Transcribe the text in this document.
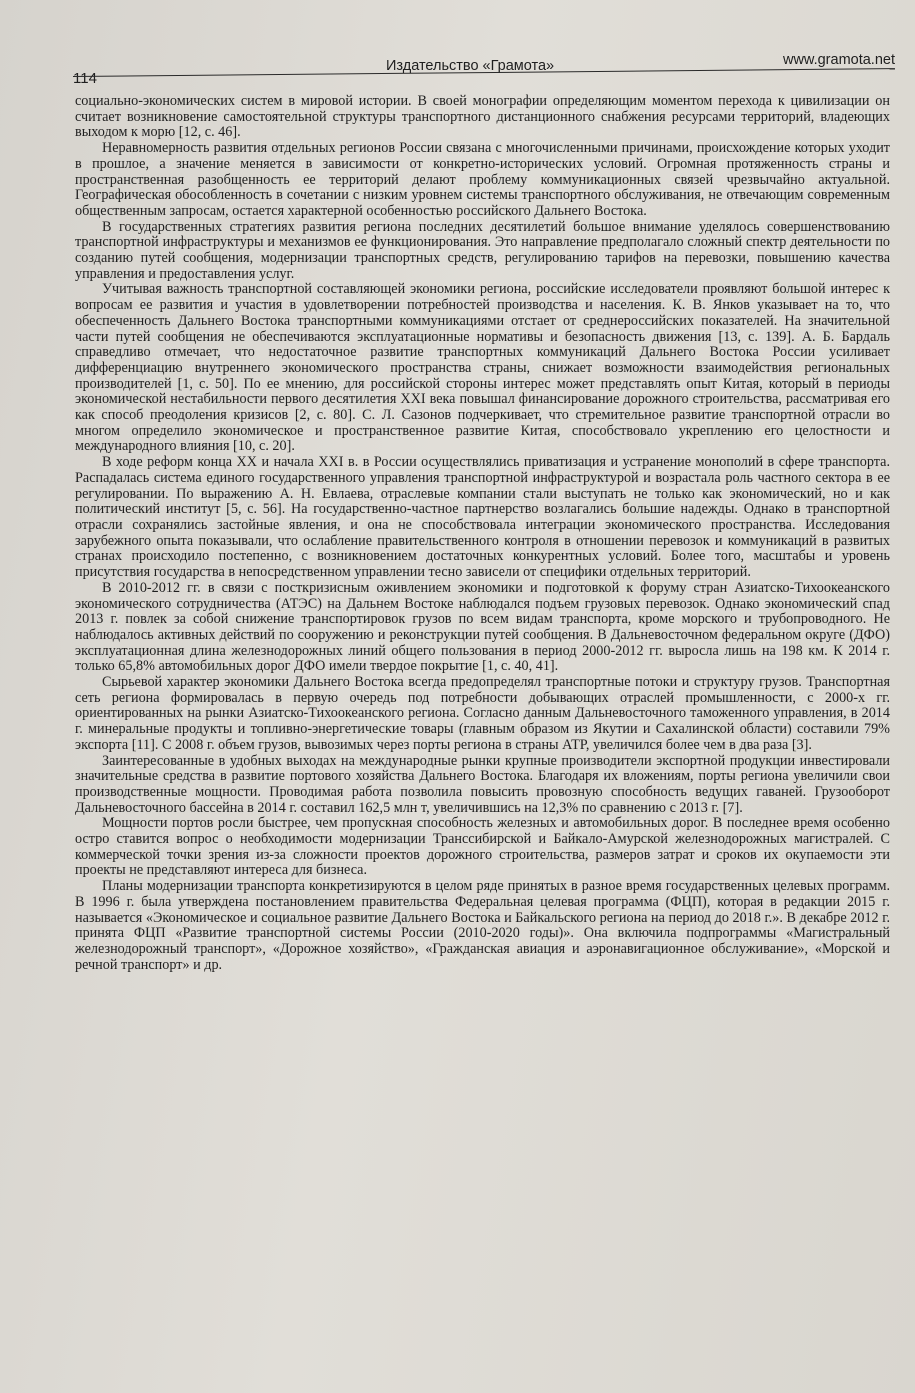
114
Издательство «Грамота»	www.gramota.net

социально-экономических систем в мировой истории. В своей монографии определяющим моментом перехода к цивилизации он считает возникновение самостоятельной структуры транспортного дистанционного снабжения ресурсами территорий, владеющих выходом к морю [12, с. 46].

Неравномерность развития отдельных регионов России связана с многочисленными причинами, происхождение которых уходит в прошлое, а значение меняется в зависимости от конкретно-исторических условий. Огромная протяженность страны и пространственная разобщенность ее территорий делают проблему коммуникационных связей чрезвычайно актуальной. Географическая обособленность в сочетании с низким уровнем системы транспортного обслуживания, не отвечающим современным общественным запросам, остается характерной особенностью российского Дальнего Востока.

В государственных стратегиях развития региона последних десятилетий большое внимание уделялось совершенствованию транспортной инфраструктуры и механизмов ее функционирования. Это направление предполагало сложный спектр деятельности по созданию путей сообщения, модернизации транспортных средств, регулированию тарифов на перевозки, повышению качества управления и предоставления услуг.

Учитывая важность транспортной составляющей экономики региона, российские исследователи проявляют большой интерес к вопросам ее развития и участия в удовлетворении потребностей производства и населения. К. В. Янков указывает на то, что обеспеченность Дальнего Востока транспортными коммуникациями отстает от среднероссийских показателей. На значительной части путей сообщения не обеспечиваются эксплуатационные нормативы и безопасность движения [13, с. 139]. А. Б. Бардаль справедливо отмечает, что недостаточное развитие транспортных коммуникаций Дальнего Востока России усиливает дифференциацию внутреннего экономического пространства страны, снижает возможности взаимодействия региональных производителей [1, с. 50]. По ее мнению, для российской стороны интерес может представлять опыт Китая, который в периоды экономической нестабильности первого десятилетия XXI века повышал финансирование дорожного строительства, рассматривая его как способ преодоления кризисов [2, с. 80]. С. Л. Сазонов подчеркивает, что стремительное развитие транспортной отрасли во многом определило экономическое и пространственное развитие Китая, способствовало укреплению его целостности и международного влияния [10, с. 20].

В ходе реформ конца XX и начала XXI в. в России осуществлялись приватизация и устранение монополий в сфере транспорта. Распадалась система единого государственного управления транспортной инфраструктурой и возрастала роль частного сектора в ее регулировании. По выражению А. Н. Евлаева, отраслевые компании стали выступать не только как экономический, но и как политический институт [5, с. 56]. На государственно-частное партнерство возлагались большие надежды. Однако в транспортной отрасли сохранялись застойные явления, и она не способствовала интеграции экономического пространства. Исследования зарубежного опыта показывали, что ослабление правительственного контроля в отношении перевозок и коммуникаций в развитых странах происходило постепенно, с возникновением достаточных конкурентных условий. Более того, масштабы и уровень присутствия государства в непосредственном управлении тесно зависели от специфики отдельных территорий.

В 2010-2012 гг. в связи с посткризисным оживлением экономики и подготовкой к форуму стран Азиатско-Тихоокеанского экономического сотрудничества (АТЭС) на Дальнем Востоке наблюдался подъем грузовых перевозок. Однако экономический спад 2013 г. повлек за собой снижение транспортировок грузов по всем видам транспорта, кроме морского и трубопроводного. Не наблюдалось активных действий по сооружению и реконструкции путей сообщения. В Дальневосточном федеральном округе (ДФО) эксплуатационная длина железнодорожных линий общего пользования в период 2000-2012 гг. выросла лишь на 198 км. К 2014 г. только 65,8% автомобильных дорог ДФО имели твердое покрытие [1, с. 40, 41].

Сырьевой характер экономики Дальнего Востока всегда предопределял транспортные потоки и структуру грузов. Транспортная сеть региона формировалась в первую очередь под потребности добывающих отраслей промышленности, с 2000-х гг. ориентированных на рынки Азиатско-Тихоокеанского региона. Согласно данным Дальневосточного таможенного управления, в 2014 г. минеральные продукты и топливно-энергетические товары (главным образом из Якутии и Сахалинской области) составили 79% экспорта [11]. С 2008 г. объем грузов, вывозимых через порты региона в страны АТР, увеличился более чем в два раза [3].

Заинтересованные в удобных выходах на международные рынки крупные производители экспортной продукции инвестировали значительные средства в развитие портового хозяйства Дальнего Востока. Благодаря их вложениям, порты региона увеличили свои производственные мощности. Проводимая работа позволила повысить провозную способность ведущих гаваней. Грузооборот Дальневосточного бассейна в 2014 г. составил 162,5 млн т, увеличившись на 12,3% по сравнению с 2013 г. [7].

Мощности портов росли быстрее, чем пропускная способность железных и автомобильных дорог. В последнее время особенно остро ставится вопрос о необходимости модернизации Транссибирской и Байкало-Амурской железнодорожных магистралей. С коммерческой точки зрения из-за сложности проектов дорожного строительства, размеров затрат и сроков их окупаемости эти проекты не представляют интереса для бизнеса.

Планы модернизации транспорта конкретизируются в целом ряде принятых в разное время государственных целевых программ. В 1996 г. была утверждена постановлением правительства Федеральная целевая программа (ФЦП), которая в редакции 2015 г. называется «Экономическое и социальное развитие Дальнего Востока и Байкальского региона на период до 2018 г.». В декабре 2012 г. принята ФЦП «Развитие транспортной системы России (2010-2020 годы)». Она включила подпрограммы «Магистральный железнодорожный транспорт», «Дорожное хозяйство», «Гражданская авиация и аэронавигационное обслуживание», «Морской и речной транспорт» и др.
